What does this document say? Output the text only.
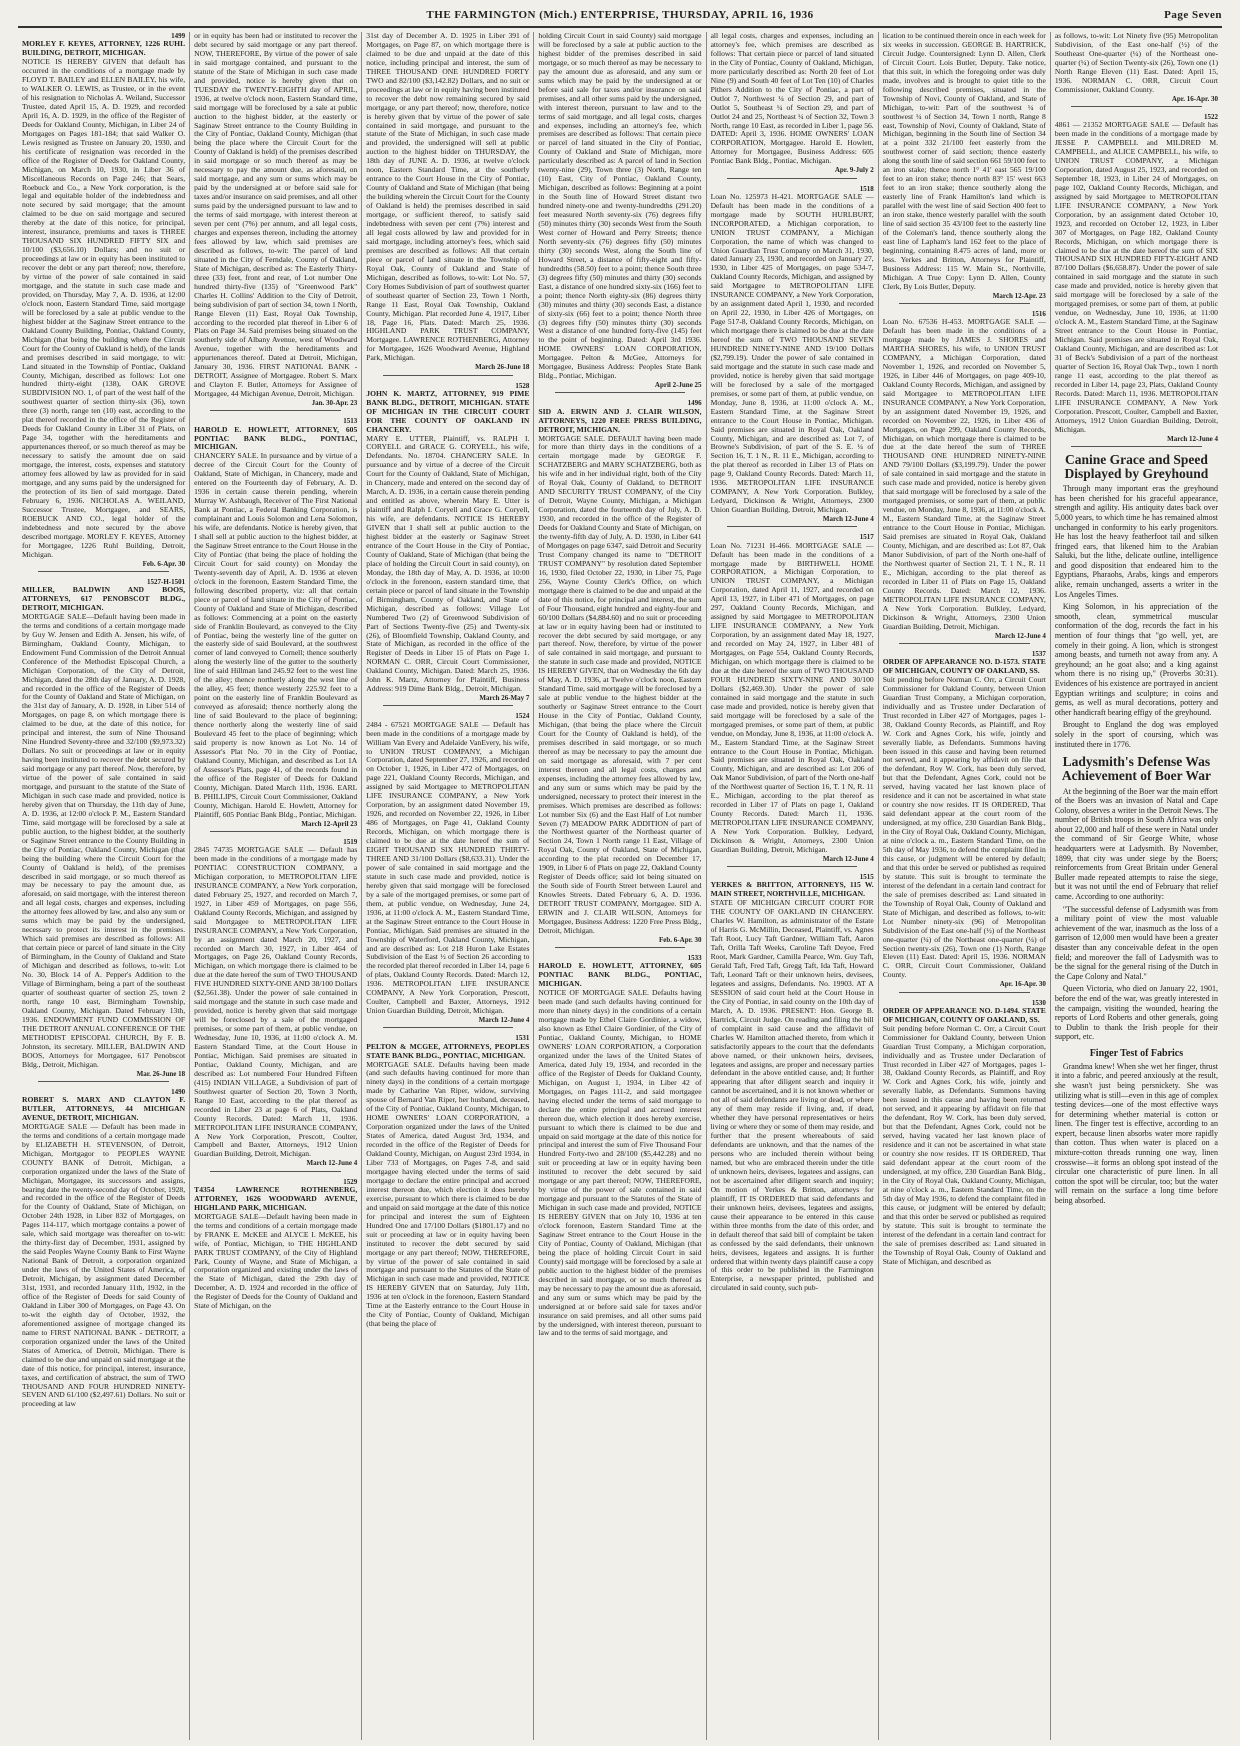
THE FARMINGTON (Mich.) ENTERPRISE, THURSDAY, APRIL 16, 1936	Page Seven
1499
MORLEY F. KEYES, ATTORNEY, 1226 RUHL BUILDING, DETROIT, MICHIGAN.
NOTICE IS HEREBY GIVEN that default has occurred in the conditions of a mortgage made by FLOYD T. BAILEY and ELLEN BAILEY, his wife, to WALKER O. LEWIS, as Trustee, or in the event of his resignation to Nicholas A. Weiland, Successor Trustee, dated April 15, A. D. 1929, and recorded April 16, A. D. 1929, in the office of the Register of Deeds for Oakland County, Michigan, in Liber 24 of Mortgages on Pages 181-184; that said Walker O. Lewis resigned as Trustee on January 20, 1930, and his certificate of resignation was recorded in the office of the Register of Deeds for Oakland County, Michigan, on March 10, 1930, in Liber 36 of Miscellaneous Records on Page 246; that Sears, Roebuck and Co., a New York corporation, is the legal and equitable holder of the indebtedness and note secured by said mortgage; that the amount claimed to be due on said mortgage and secured thereby at the date of this notice, for principal, interest, insurance, premiums and taxes is THREE THOUSAND SIX HUNDRED FIFTY SIX and 10/100 ($3,656.10) Dollars; and no suit or proceedings at law or in equity has been instituted to recover the debt or any part thereof; now, therefore, by virtue of the power of sale contained in said mortgage, and the statute in such case made and provided, on Thursday, May 7, A. D. 1936, at 12:00 o'clock noon, Eastern Standard Time, said mortgage will be foreclosed by a sale at public vendue to the highest bidder at the Saginaw Street entrance to the Oakland County Building, Pontiac, Oakland County, Michigan (that being the building where the Circuit Court for the County of Oakland is held), of the lands and premises described in said mortgage, to wit: Land situated in the Township of Pontiac, Oakland County, Michigan, described as follows: Lot one hundred thirty-eight (138), OAK GROVE SUBDIVISION NO. 1, of part of the west half of the southwest quarter of section thirty-six (36), town three (3) north, range ten (10) east, according to the plat thereof recorded in the office of the Register of Deeds for Oakland County in Liber 31 of Plats, on Page 34, together with the hereditaments and appurtenances thereof, or so much thereof as may be necessary to satisfy the amount due on said mortgage, the interest, costs, expenses and statutory attorney fees allowed by law as provided for in said mortgage, and any sums paid by the undersigned for the protection of its lien of said mortgage. Dated February 6, 1936. NICHOLAS A. WEILAND, Successor Trustee, Mortgagee, and SEARS, ROEBUCK AND CO., legal holder of the indebtedness and note secured by the above described mortgage. MORLEY F. KEYES, Attorney for Mortgagee, 1226 Ruhl Building, Detroit, Michigan.
Feb. 6-Apr. 30
1527-H-1501
MILLER, BALDWIN AND BOOS, ATTORNEYS, 617 PENOBSCOT BLDG., DETROIT, MICHIGAN.
MORTGAGE SALE—Default having been made in the terms and conditions of a certain mortgage made by Guy W. Jensen and Edith A. Jensen, his wife, of Birmingham, Oakland County, Michigan, to Endowment Fund Commission of the Detroit Annual Conference of the Methodist Episcopal Church, a Michigan Corporation, of the City of Detroit, Michigan, dated the 28th day of January, A. D. 1928, and recorded in the office of the Register of Deeds for the County of Oakland and State of Michigan, on the 31st day of January, A. D. 1928, in Liber 514 of Mortgages, on page 8, on which mortgage there is claimed to be due, at the date of this notice, for principal and interest, the sum of Nine Thousand Nine Hundred Seventy-three and 32/100 ($9,973.32) Dollars. No suit or proceedings at law or in equity having been instituted to recover the debt secured by said mortgage or any part thereof. Now, therefore, by virtue of the power of sale contained in said mortgage, and pursuant to the statute of the State of Michigan in such case made and provided, notice is hereby given that on Thursday, the 11th day of June, A. D. 1936, at 12:00 o'clock P. M., Eastern Standard Time, said mortgage will be foreclosed by a sale at public auction, to the highest bidder, at the southerly or Saginaw Street entrance to the County Building in the City of Pontiac, Oakland County, Michigan (that being the building where the Circuit Court for the County of Oakland is held), of the premises described in said mortgage, or so much thereof as may be necessary to pay the amount due, as aforesaid, on said mortgage, with the interest thereon and all legal costs, charges and expenses, including the attorney fees allowed by law, and also any sum or sums which may be paid by the undersigned, necessary to protect its interest in the premises. Which said premises are described as follows: All that certain piece or parcel of land situate in the City of Birmingham, in the County of Oakland and State of Michigan and described as follows, to-wit: Lot No. 30, Block 14 of A. Pepper's Addition to the Village of Birmingham, being a part of the southeast quarter of southeast quarter of section 25, town 2 north, range 10 east, Birmingham Township, Oakland County, Michigan. Dated February 13th, 1936. ENDOWMENT FUND COMMISSION OF THE DETROIT ANNUAL CONFERENCE OF THE METHODIST EPISCOPAL CHURCH, By F. B. Johnston, its secretary. MILLER, BALDWIN AND BOOS, Attorneys for Mortgagee, 617 Penobscot Bldg., Detroit, Michigan.
Mar. 26-June 18
1490
ROBERT S. MARX AND CLAYTON F. BUTLER, ATTORNEYS, 44 MICHIGAN AVENUE, DETROIT, MICHIGAN.
MORTGAGE SALE — Default has been made in the terms and conditions of a certain mortgage made by ELIZABETH H. STEVENSON, of Detroit, Michigan, Mortgagor to PEOPLES WAYNE COUNTY BANK of Detroit, Michigan, a corporation organized under the laws of the State of Michigan, Mortgagee, its successors and assigns, bearing date the twenty-second day of October, 1928, and recorded in the office of the Register of Deeds for the County of Oakland, State of Michigan, on October 24th 1928, in Liber 832 of Mortgages, on Pages 114-117, which mortgage contains a power of sale, which said mortgage was thereafter on to-wit: the thirty-first day of December, 1931, assigned by the said Peoples Wayne County Bank to First Wayne National Bank of Detroit, a corporation organized under the laws of the United States of America, of Detroit, Michigan, by assignment dated December 31st, 1931, and recorded January 11th, 1932, in the office of the Register of Deeds for said County of Oakland in Liber 300 of Mortgages, on Page 43. On to-wit the eighth day of October, 1932, the aforementioned assignee of mortgage changed its name to FIRST NATIONAL BANK - DETROIT, a corporation organized under the laws of the United States of America, of Detroit, Michigan. There is claimed to be due and unpaid on said mortgage at the date of this notice, for principal, interest, insurance, taxes, and certification of abstract, the sum of TWO THOUSAND AND FOUR HUNDRED NINETY-SEVEN AND 61/100 ($2,497.61) Dollars. No suit or proceeding at law
or in equity has been had or instituted to recover the debt secured by said mortgage or any part thereof. NOW, THEREFORE, By virtue of the power of sale in said mortgage contained, and pursuant to the statute of the State of Michigan in such case made and provided, notice is hereby given that on TUESDAY the TWENTY-EIGHTH day of APRIL, 1936, at twelve o'clock noon, Eastern Standard time, said mortgage will be foreclosed by a sale at public auction to the highest bidder, at the easterly or Saginaw Street entrance to the County Building in the City of Pontiac, Oakland County, Michigan (that being the place where the Circuit Court for the County of Oakland is held) of the premises described in said mortgage or so much thereof as may be necessary to pay the amount due, as aforesaid, on said mortgage, and any sum or sums which may be paid by the undersigned at or before said sale for taxes and/or insurance on said premises, and all other sums paid by the undersigned pursuant to law and to the terms of said mortgage, with interest thereon at seven per cent (7%) per annum, and all legal costs, charges and expenses thereon, including the attorney fees allowed by law, which said premises are described as follows, to-wit: The parcel of land situated in the City of Ferndale, County of Oakland, State of Michigan, described as: The Easterly Thirty-three (33) feet, front and rear, of Lot number One hundred thirty-five (135) of "Greenwood Park" Charles H. Collins' Addition to the City of Detroit, being subdivision of part of section 34, town 1 North, Range Eleven (11) East, Royal Oak Township, according to the recorded plat thereof in Liber 6 of Plats on Page 34. Said premises being situated on the southerly side of Albany Avenue, west of Woodward Avenue, together with the hereditaments and appurtenances thereof. Dated at Detroit, Michigan, January 30, 1936. FIRST NATIONAL BANK - DETROIT, Assignee of Mortgagee. Robert S. Marx and Clayton F. Butler, Attorneys for Assignee of Mortgagee, 44 Michigan Avenue, Detroit, Michigan.
Jan. 30-Apr. 23
1513
HAROLD E. HOWLETT, ATTORNEY, 605 PONTIAC BANK BLDG., PONTIAC, MICHIGAN.
CHANCERY SALE. In pursuance and by virtue of a decree of the Circuit Court for the County of Oakland, State of Michigan, in Chancery, made and entered on the Fourteenth day of February, A. D. 1936 in certain cause therein pending, wherein Murray W. Ashbaugh, Receiver of The First National Bank at Pontiac, a Federal Banking Corporation, is complainant and Louis Solomon and Lena Solomon, his wife, are defendants. Notice is hereby given, that I shall sell at public auction to the highest bidder, at the Saginaw Street entrance to the Court House in the City of Pontiac (that being the place of holding the Circuit Court for said county) on Monday the Twenty-seventh day of April, A. D. 1936 at eleven o'clock in the forenoon, Eastern Standard Time, the following described property, viz: all that certain piece or parcel of land situate in the City of Pontiac, County of Oakland and State of Michigan, described as follows: Commencing at a point on the easterly side of Franklin Boulevard, as conveyed to the City of Pontiac, being the westerly line of the gutter on the easterly side of said Boulevard, at the southwest corner of land conveyed to Cornell; thence southerly along the westerly line of the gutter to the southerly line of said Hillman land 245.92 feet to the west line of the alley; thence northerly along the west line of the alley, 45 feet; thence westerly 225.92 feet to a point on the easterly line of Franklin Boulevard as conveyed as aforesaid; thence northerly along the line of said Boulevard to the place of beginning; thence northerly along the westerly line of said Boulevard 45 feet to the place of beginning; which said property is now known as Lot No. 14 of Assessor's Plat No. 70 in the City of Pontiac, Oakland County, Michigan, and described as Lot 1A of Assessor's Plats, page 41, of the records found in the office of the Register of Deeds for Oakland County, Michigan. Dated March 11th, 1936. EARL B. PHILLIPS, Circuit Court Commissioner, Oakland County, Michigan. Harold E. Howlett, Attorney for Plaintiff, 605 Pontiac Bank Bldg., Pontiac, Michigan.
March 12-April 23
1519
2845 74735 MORTGAGE SALE — Default has been made in the conditions of a mortgage made by PONTIAC CONSTRUCTION COMPANY, a Michigan corporation, to METROPOLITAN LIFE INSURANCE COMPANY, a New York corporation, dated February 25, 1927, and recorded on March 7, 1927, in Liber 459 of Mortgages, on page 556, Oakland County Records, Michigan, and assigned by said Mortgagee to METROPOLITAN LIFE INSURANCE COMPANY, a New York Corporation, by an assignment dated March 20, 1927, and recorded on March 30, 1927, in Liber 464 of Mortgages, on Page 26, Oakland County Records, Michigan, on which mortgage there is claimed to be due at the date hereof the sum of TWO THOUSAND FIVE HUNDRED SIXTY-ONE AND 38/100 Dollars ($2,561.38). Under the power of sale contained in said mortgage and the statute in such case made and provided, notice is hereby given that said mortgage will be foreclosed by a sale of the mortgaged premises, or some part of them, at public vendue, on Wednesday, June 10, 1936, at 11:00 o'clock A. M. Eastern Standard Time, at the Court House in Pontiac, Michigan. Said premises are situated in Pontiac, Oakland County, Michigan, and are described as: Lot numbered Four Hundred Fifteen (415) INDIAN VILLAGE, a Subdivision of part of Southwest quarter of Section 20, Town 3 North, Range 10 East, according to the plat thereof as recorded in Liber 23 at page 6 of Plats, Oakland County Records. Dated: March 11, 1936. METROPOLITAN LIFE INSURANCE COMPANY, A New York Corporation, Prescott, Coulter, Campbell and Baxter, Attorneys, 1912 Union Guardian Building, Detroit, Michigan.
March 12-June 4
1529
T4354 LAWRENCE ROTHENBERG, ATTORNEY, 1626 WOODWARD AVENUE, HIGHLAND PARK, MICHIGAN.
MORTGAGE SALE—Default having been made in the terms and conditions of a certain mortgage made by FRANK E. McKEE and ALYCE I. McKEE, his wife, of Pontiac, Michigan, to THE HIGHLAND PARK TRUST COMPANY, of the City of Highland Park, County of Wayne, and State of Michigan, a corporation organized and existing under the laws of the State of Michigan, dated the 29th day of December, A. D. 1924 and recorded in the office of the Register of Deeds for the County of Oakland and State of Michigan, on the
31st day of December A. D. 1925 in Liber 391 of Mortgages, on Page 87, on which mortgage there is claimed to be due and unpaid at the date of this notice, including principal and interest, the sum of THREE THOUSAND ONE HUNDRED FORTY TWO and 82/100 ($3,142.82) Dollars, and no suit or proceedings at law or in equity having been instituted to recover the debt now remaining secured by said mortgage, or any part thereof; now, therefore, notice is hereby given that by virtue of the power of sale contained in said mortgage, and pursuant to the statute of the State of Michigan, in such case made and provided, the undersigned will sell at public auction to the highest bidder on THURSDAY, the 18th day of JUNE A. D. 1936, at twelve o'clock noon, Eastern Standard Time, at the southerly entrance to the Court House in the City of Pontiac, County of Oakland and State of Michigan (that being the building wherein the Circuit Court for the County of Oakland is held) the premises described in said mortgage, or sufficient thereof, to satisfy said indebtedness with seven per cent (7%) interest and all legal costs allowed by law and provided for in said mortgage, including attorney's fees, which said premises are described as follows: All that certain piece or parcel of land situate in the Township of Royal Oak, County of Oakland and State of Michigan, described as follows, to-wit: Lot No. 57, Cory Homes Subdivision of part of southwest quarter of southeast quarter of Section 23, Town 1 North, Range 11 East, Royal Oak Township, Oakland County, Michigan. Plat recorded June 4, 1917, Liber 18, Page 16, Plats. Dated: March 25, 1936. HIGHLAND PARK TRUST COMPANY, Mortgagee. LAWRENCE ROTHENBERG, Attorney for Mortgagee, 1626 Woodward Avenue, Highland Park, Michigan.
March 26-June 18
1528
JOHN K. MARTZ, ATTORNEY, 919 PIME BANK BLDG., DETROIT, MICHIGAN. STATE OF MICHIGAN IN THE CIRCUIT COURT FOR THE COUNTY OF OAKLAND IN CHANCERY.
MARY E. UTTER, Plaintiff, vs. RALPH I. CORYELL and GRACE G. CORYELL, his wife, Defendants. No. 18704. CHANCERY SALE. In pursuance and by virtue of a decree of the Circuit Court for the County of Oakland, State of Michigan, in Chancery, made and entered on the second day of March, A. D. 1936, in a certain cause therein pending and entitled as above, wherein Mary E. Utter is plaintiff and Ralph I. Coryell and Grace G. Coryell, his wife, are defendants. NOTICE IS HEREBY GIVEN that I shall sell at public auction to the highest bidder at the easterly or Saginaw Street entrance of the Court House in the City of Pontiac, County of Oakland, State of Michigan (that being the place of holding the Circuit Court in said county), on Monday, the 18th day of May, A. D. 1936, at 10:00 o'clock in the forenoon, eastern standard time, that certain piece or parcel of land situate in the Township of Birmingham, County of Oakland, and State of Michigan, described as follows: Village Lot Numbered Two (2) of Greenwood Subdivision of Part of Sections Twenty-five (25) and Twenty-six (26), of Bloomfield Township, Oakland County, and State of Michigan, as recorded in the office of the Register of Deeds in Liber 15 of Plats on Page 1. NORMAN C. ORR, Circuit Court Commissioner, Oakland County, Michigan. Dated: March 25, 1936. John K. Martz, Attorney for Plaintiff, Business Address: 919 Dime Bank Bldg., Detroit, Michigan.
March 26-May 7
1524
2484 - 67521 MORTGAGE SALE — Default has been made in the conditions of a mortgage made by William Van Every and Adelaide VanEvery, his wife, to UNION TRUST COMPANY, a Michigan Corporation, dated September 27, 1926, and recorded on October 1, 1926, in Liber 472 of Mortgages, on page 221, Oakland County Records, Michigan, and assigned by said Mortgagee to METROPOLITAN LIFE INSURANCE COMPANY, a New York Corporation, by an assignment dated November 19, 1926, and recorded on November 22, 1926, in Liber 486 of Mortgages, on Page 41, Oakland County Records, Michigan, on which mortgage there is claimed to be due at the date hereof the sum of EIGHT THOUSAND SIX HUNDRED THIRTY-THREE AND 31/100 Dollars ($8,633.31). Under the power of sale contained in said mortgage and the statute in such case made and provided, notice is hereby given that said mortgage will be foreclosed by a sale of the mortgaged premises, or some part of them, at public vendue, on Wednesday, June 24, 1936, at 11:00 o'clock A. M., Eastern Standard Time, at the Saginaw Street entrance to the Court House in Pontiac, Michigan. Said premises are situated in the Township of Waterford, Oakland County, Michigan, and are described as: Lot 218 Huron Lake Estates Subdivision of the East ½ of Section 26 according to the recorded plat thereof recorded in Liber 14, page 6 of plats, Oakland County Records. Dated: March 12, 1936. METROPOLITAN LIFE INSURANCE COMPANY, A New York Corporation, Prescott, Coulter, Campbell and Baxter, Attorneys, 1912 Union Guardian Building, Detroit, Michigan.
March 12-June 4
1531
PELTON & MCGEE, ATTORNEYS, PEOPLES STATE BANK BLDG., PONTIAC, MICHIGAN.
MORTGAGE SALE. Defaults having been made (and such defaults having continued for more than ninety days) in the conditions of a certain mortgage made by Catharine Van Riper, widow, surviving spouse of Bernard Van Riper, her husband, deceased, of the City of Pontiac, Oakland County, Michigan, to HOME OWNERS' LOAN CORPORATION, a Corporation organized under the laws of the United States of America, dated August 3rd, 1934, and recorded in the office of the Register of Deeds for Oakland County, Michigan, on August 23rd 1934, in Liber 733 of Mortgages, on Pages 7-8, and said mortgagee having elected under the terms of said mortgage to declare the entire principal and accrued interest thereon due, which election it does hereby exercise, pursuant to which there is claimed to be due and unpaid on said mortgage at the date of this notice for principal and interest the sum of Eighteen Hundred One and 17/100 Dollars ($1801.17) and no suit or proceeding at law or in equity having been instituted to recover the debt secured by said mortgage or any part thereof; NOW, THEREFORE, by virtue of the power of sale contained in said mortgage and pursuant to the Statutes of the State of Michigan in such case made and provided, NOTICE IS HEREBY GIVEN that on Saturday, July 11th, 1936 at ten o'clock in the forenoon, Eastern Standard Time at the Easterly entrance to the Court House in the City of Pontiac, County of Oakland, Michigan (that being the place of
holding Circuit Court in said County) said mortgage will be foreclosed by a sale at public auction to the highest bidder of the premises described in said mortgage, or so much thereof as may be necessary to pay the amount due as aforesaid, and any sum or sums which may be paid by the undersigned at or before said sale for taxes and/or insurance on said premises, and all other sums paid by the undersigned, with interest thereon, pursuant to law and to the terms of said mortgage, and all legal costs, charges and expenses, including an attorney's fee, which premises are described as follows: That certain piece or parcel of land situated in the City of Pontiac, County of Oakland and State of Michigan, more particularly described as: A parcel of land in Section twenty-nine (29), Town three (3) North, Range ten (10) East, City of Pontiac, Oakland County, Michigan, described as follows: Beginning at a point in the South line of Howard Street distant two hundred ninety-one and twenty-hundredths (291.20) feet measured North seventy-six (76) degrees fifty (50) minutes thirty (30) seconds West from the South West corner of Howard and Perry Streets; thence North seventy-six (76) degrees fifty (50) minutes thirty (30) seconds West, along the South line of Howard Street, a distance of fifty-eight and fifty-hundredths (58.50) feet to a point; thence South three (3) degrees fifty (50) minutes and thirty (30) seconds East, a distance of one hundred sixty-six (166) feet to a point; thence North eighty-six (86) degrees thirty (30) minutes and thirty (30) seconds East, a distance of sixty-six (66) feet to a point; thence North three (3) degrees fifty (50) minutes thirty (30) seconds West a distance of one hundred forty-five (145) feet to the point of beginning. Dated: April 3rd 1936. HOME OWNERS' LOAN CORPORATION, Mortgagee. Pelton & McGee, Attorneys for Mortgagee, Business Address: Peoples State Bank Bldg., Pontiac, Michigan.
April 2-June 25
1496
SID A. ERWIN AND J. CLAIR WILSON, ATTORNEYS, 1220 FREE PRESS BUILDING, DETROIT, MICHIGAN.
MORTGAGE SALE. DEFAULT having been made for more than thirty days in the conditions of a certain mortgage made by GEORGE F. SCHATZBERG and MARY SCHATZBERG, both as his wife and in her individual right, both of the City of Royal Oak, County of Oakland, to DETROIT AND SECURITY TRUST COMPANY, of the City of Detroit, Wayne County, Michigan, a Michigan Corporation, dated the fourteenth day of July, A. D. 1930, and recorded in the office of the Register of Deeds for Oakland County and State of Michigan, on the twenty-fifth day of July, A. D. 1930, in Liber 641 of Mortgages on page 6347, said Detroit and Security Trust Company changed its name to "DETROIT TRUST COMPANY" by resolution dated September 16, 1930, filed October 22, 1930, in Liber 75, Page 256, Wayne County Clerk's Office, on which mortgage there is claimed to be due and unpaid at the date of this notice, for principal and interest, the sum of Four Thousand, eight hundred and eighty-four and 60/100 Dollars ($4,884.60) and no suit or proceeding at law or in equity having been had or instituted to recover the debt secured by said mortgage, or any part thereof. Now, therefore, by virtue of the power of sale contained in said mortgage, and pursuant to the statute in such case made and provided, NOTICE IS HEREBY GIVEN, that on Wednesday the 6th day of May, A. D. 1936, at Twelve o'clock noon, Eastern Standard Time, said mortgage will be foreclosed by a sale at public vendue to the highest bidder at the southerly or Saginaw Street entrance to the Court House in the City of Pontiac, Oakland County, Michigan, (that being the place where the Circuit Court for the County of Oakland is held), of the premises described in said mortgage, or so much thereof as may be necessary to pay the amount due on said mortgage as aforesaid, with 7 per cent interest thereon and all legal costs, charges and expenses, including the attorney fees allowed by law, and any sum or sums which may be paid by the undersigned, necessary to protect their interest in the premises. Which premises are described as follows: Lot number Six (6) and the East Half of Lot number Seven (7) MEADOW PARK ADDITION of part of the Northwest quarter of the Northeast quarter of Section 24, Town 1 North range 11 East, Village of Royal Oak, County of Oakland, State of Michigan, according to the plat recorded on December 17, 1909, in Liber 6 of Plats on page 22, Oakland County Register of Deeds office; said lot being situated on the South side of Fourth Street between Laurel and Knowles Streets. Dated February 6, A. D. 1936. DETROIT TRUST COMPANY, Mortgagee. SID A. ERWIN and J. CLAIR WILSON, Attorneys for Mortgagee, Business Address: 1220 Free Press Bldg., Detroit, Michigan.
Feb. 6-Apr. 30
1533
HAROLD E. HOWLETT, ATTORNEY, 605 PONTIAC BANK BLDG., PONTIAC, MICHIGAN.
NOTICE OF MORTGAGE SALE. Defaults having been made (and such defaults having continued for more than ninety days) in the conditions of a certain mortgage made by Ethel Claire Gordinier, a widow, also known as Ethel Claire Gordinier, of the City of Pontiac, Oakland County, Michigan, to HOME OWNERS' LOAN CORPORATION, a Corporation organized under the laws of the United States of America, dated July 19, 1934, and recorded in the office of the Register of Deeds for Oakland County, Michigan, on August 1, 1934, in Liber 42 of Mortgages, on Pages 111-2, and said mortgagee having elected under the terms of said mortgage to declare the entire principal and accrued interest thereon due, which election it does hereby exercise, pursuant to which there is claimed to be due and unpaid on said mortgage at the date of this notice for principal and interest the sum of Five Thousand Four Hundred Forty-two and 28/100 ($5,442.28) and no suit or proceeding at law or in equity having been instituted to recover the debt secured by said mortgage or any part thereof; NOW, THEREFORE, by virtue of the power of sale contained in said mortgage and pursuant to the Statutes of the State of Michigan in such case made and provided, NOTICE IS HEREBY GIVEN that on July 10, 1936 at ten o'clock forenoon, Eastern Standard Time at the Saginaw Street entrance to the Court House in the City of Pontiac, County of Oakland, Michigan (that being the place of holding Circuit Court in said County) said mortgage will be foreclosed by a sale at public auction to the highest bidder of the premises described in said mortgage, or so much thereof as may be necessary to pay the amount due as aforesaid, and any sum or sums which may be paid by the undersigned at or before said sale for taxes and/or insurance on said premises, and all other sums paid by the undersigned, with interest thereon, pursuant to law and to the terms of said mortgage, and
all legal costs, charges and expenses, including an attorney's fee, which premises are described as follows: That certain piece or parcel of land situated in the City of Pontiac, County of Oakland, Michigan, more particularly described as: North 20 feet of Lot Nine (9) and South 40 feet of Lot Ten (10) of Charles Pithers Addition to the City of Pontiac, a part of Outlot 7, Northwest ¼ of Section 29, and part of Outlot 5, Southeast ¼ of Section 29, and part of Outlot 24 and 25, Northeast ¼ of Section 32, Town 3 North, range 10 East, as recorded in Liber 1, page 56. DATED: April 3, 1936. HOME OWNERS' LOAN CORPORATION, Mortgagee. Harold E. Howlett, Attorney for Mortgagee, Business Address: 605 Pontiac Bank Bldg., Pontiac, Michigan.
Apr. 9-July 2
1518
Loan No. 125973 H-421. MORTGAGE SALE — Default has been made in the conditions of a mortgage made by SOUTH HURLBURT, INCORPORATED, a Michigan corporation, to UNION TRUST COMPANY, a Michigan Corporation, the name of which was changed to Union Guardian Trust Company on March 31, 1930, dated January 23, 1930, and recorded on January 27, 1930, in Liber 425 of Mortgages, on page 534-7, Oakland County Records, Michigan, and assigned by said Mortgagee to METROPOLITAN LIFE INSURANCE COMPANY, a New York Corporation, by an assignment dated April 1, 1930, and recorded on April 22, 1930, in Liber 426 of Mortgages, on Page 517-8, Oakland County Records, Michigan, on which mortgage there is claimed to be due at the date hereof the sum of TWO THOUSAND SEVEN HUNDRED NINETY-NINE AND 19/100 Dollars ($2,799.19). Under the power of sale contained in said mortgage and the statute in such case made and provided, notice is hereby given that said mortgage will be foreclosed by a sale of the mortgaged premises, or some part of them, at public vendue, on Monday, June 8, 1936, at 11:00 o'clock A. M., Eastern Standard Time, at the Saginaw Street entrance to the Court House in Pontiac, Michigan. Said premises are situated in Royal Oak, Oakland County, Michigan, and are described as: Lot 7, of Browne's Subdivision, of part of the S. E. ¼ of Section 16, T. 1 N., R. 11 E., Michigan, according to the plat thereof as recorded in Liber 13 of Plats on page 9, Oakland County Records. Dated: March 11, 1936. METROPOLITAN LIFE INSURANCE COMPANY, A New York Corporation. Bulkley, Ledyard, Dickinson & Wright, Attorneys, 2300 Union Guardian Building, Detroit, Michigan.
March 12-June 4
1517
Loan No. 71231 H-466. MORTGAGE SALE — Default has been made in the conditions of a mortgage made by BIRTHWELL HOME CORPORATION, a Michigan Corporation, to UNION TRUST COMPANY, a Michigan Corporation, dated April 11, 1927, and recorded on April 13, 1927, in Liber 471 of Mortgages, on page 297, Oakland County Records, Michigan, and assigned by said Mortgagee to METROPOLITAN LIFE INSURANCE COMPANY, a New York Corporation, by an assignment dated May 18, 1927, and recorded on May 24, 1927, in Liber 481 of Mortgages, on Page 554, Oakland County Records, Michigan, on which mortgage there is claimed to be due at the date hereof the sum of TWO THOUSAND FOUR HUNDRED SIXTY-NINE AND 30/100 Dollars ($2,469.30). Under the power of sale contained in said mortgage and the statute in such case made and provided, notice is hereby given that said mortgage will be foreclosed by a sale of the mortgaged premises, or some part of them, at public vendue, on Monday, June 8, 1936, at 11:00 o'clock A. M., Eastern Standard Time, at the Saginaw Street entrance to the Court House in Pontiac, Michigan. Said premises are situated in Royal Oak, Oakland County, Michigan, and are described as: Lot 206 of Oak Manor Subdivision, of part of the North one-half of the Northwest quarter of Section 16, T. 1 N, R. 11 E., Michigan, according to the plat thereof as recorded in Liber 17 of Plats on page 1, Oakland County Records. Dated: March 11, 1936. METROPOLITAN LIFE INSURANCE COMPANY, A New York Corporation. Bulkley, Ledyard, Dickinson & Wright, Attorneys, 2300 Union Guardian Building, Detroit, Michigan.
March 12-June 4
1515
YERKES & BRITTON, ATTORNEYS, 115 W. MAIN STREET, NORTHVILLE, MICHIGAN.
STATE OF MICHIGAN CIRCUIT COURT FOR THE COUNTY OF OAKLAND IN CHANCERY. Charles W. Hamilton, as administrator of the Estate of Harris G. McMillin, Deceased, Plaintiff, vs. Agnes Taft Root, Lucy Taft Gardner, William Taft, Aaron Taft, Orilla Taft Weeks, Caroline Taft Deyoe, Fred Root, Mark Gardner, Camilla Pearce, Wm. Guy Taft, Gerald Taft, Fred Taft, Gregg Taft, Ida Taft, Howard Taft, Leonard Taft or their unknown heirs, devisees, legatees and assigns, Defendants. No. 19903. AT A SESSION of said court held at the Court House in the City of Pontiac, in said county on the 10th day of March, A. D. 1936. PRESENT: Hon. George B. Hartrick, Circuit Judge. On reading and filing the bill of complaint in said cause and the affidavit of Charles W. Hamilton attached thereto, from which it satisfactorily appears to the court that the defendants above named, or their unknown heirs, devisees, legatees and assigns, are proper and necessary parties defendant in the above entitled cause, and; It further appearing that after diligent search and inquiry it cannot be ascertained, and it is not known whether or not all of said defendants are living or dead, or where any of them may reside if living, and, if dead, whether they have personal representatives or heirs living or where they or some of them may reside, and further that the present whereabouts of said defendants are unknown, and that the names of the persons who are included therein without being named, but who are embraced therein under the title of unknown heirs, devisees, legatees and assigns, can not be ascertained after diligent search and inquiry; On motion of Yerkes & Britton, attorneys for plaintiff, IT IS ORDERED that said defendants and their unknown heirs, devisees, legatees and assigns, cause their appearance to be entered in this cause within three months from the date of this order, and in default thereof that said bill of complaint be taken as confessed by the said defendants, their unknown heirs, devisees, legatees and assigns. It is further ordered that within twenty days plaintiff cause a copy of this order to be published in the Farmington Enterprise, a newspaper printed, published and circulated in said county, such pub-
lication to be continued therein once in each week for six weeks in succession. GEORGE B. HARTRICK, Circuit Judge. Countersigned: Lynn D. Allen, Clerk of Circuit Court. Lois Butler, Deputy. Take notice, that this suit, in which the foregoing order was duly made, involves and is brought to quiet title to the following described premises, situated in the Township of Novi, County of Oakland, and State of Michigan, to-wit: Part of the southwest ¼ of southwest ¼ of Section 34, Town 1 north, Range 8 east, Township of Novi, County of Oakland, State of Michigan, beginning in the South line of Section 34 at a point 332 21/100 feet easterly from the southwest corner of said section; thence easterly along the south line of said section 661 59/100 feet to an iron stake; thence north 1° 41' east 565 19/100 feet to an iron stake; thence north 83° 15' west 663 feet to an iron stake; thence southerly along the easterly line of Frank Hamilton's land which is parallel with the west line of said Section 400 feet to an iron stake, thence westerly parallel with the south line of said section 35 43/100 feet to the easterly line of the Coleman's land, thence southerly along the east line of Lapham's land 162 feet to the place of beginning, containing 8.475 acres of land, more or less. Yerkes and Britton, Attorneys for Plaintiff, Business Address: 115 W. Main St., Northville, Michigan. A True Copy: Lynn D. Allen, County Clerk, By Lois Butler, Deputy.
March 12-Apr. 23
1516
Loan No. 67536 H-453. MORTGAGE SALE — Default has been made in the conditions of a mortgage made by JAMES J. SHORES and MARTHA SHORES, his wife, to UNION TRUST COMPANY, a Michigan Corporation, dated November 1, 1926, and recorded on November 5, 1926, in Liber 446 of Mortgages, on page 409-10, Oakland County Records, Michigan, and assigned by said Mortgagee to METROPOLITAN LIFE INSURANCE COMPANY, a New York Corporation, by an assignment dated November 19, 1926, and recorded on November 22, 1926, in Liber 436 of Mortgages, on Page 299, Oakland County Records, Michigan, on which mortgage there is claimed to be due at the date hereof the sum of THREE THOUSAND ONE HUNDRED NINETY-NINE AND 79/100 Dollars ($3,199.79). Under the power of sale contained in said mortgage and the statute in such case made and provided, notice is hereby given that said mortgage will be foreclosed by a sale of the mortgaged premises, or some part of them, at public vendue, on Monday, June 8, 1936, at 11:00 o'clock A. M., Eastern Standard Time, at the Saginaw Street entrance to the Court House in Pontiac, Michigan. Said premises are situated in Royal Oak, Oakland County, Michigan, and are described as: Lot 87, Oak Manor Subdivision, of part of the North one-half of the Northwest quarter of Section 21, T. 1 N., R. 11 E., Michigan, according to the plat thereof as recorded in Liber 11 of Plats on Page 15, Oakland County Records. Dated: March 12, 1936. METROPOLITAN LIFE INSURANCE COMPANY, A New York Corporation. Bulkley, Ledyard, Dickinson & Wright, Attorneys, 2300 Union Guardian Building, Detroit, Michigan.
March 12-June 4
1537
ORDER OF APPEARANCE NO. D-1573. STATE OF MICHIGAN, COUNTY OF OAKLAND, SS.
Suit pending before Norman C. Orr, a Circuit Court Commissioner for Oakland County, between Union Guardian Trust Company, a Michigan corporation, individually and as Trustee under Declaration of Trust recorded in Liber 427 of Mortgages, pages 1-38, Oakland County Records, as Plaintiff, and Roy W. Cork and Agnes Cork, his wife, jointly and severally liable, as Defendants. Summons having been issued in this cause and having been returned not served, and it appearing by affidavit on file that the defendant, Roy W. Cork, has been duly served, but that the Defendant, Agnes Cork, could not be served, having vacated her last known place of residence and it can not be ascertained in what state or country she now resides. IT IS ORDERED, That said defendant appear at the court room of the undersigned, at my office, 230 Guardian Bank Bldg., in the City of Royal Oak, Oakland County, Michigan, at nine o'clock a. m., Eastern Standard Time, on the 5th day of May 1936, to defend the complaint filed in this cause, or judgment will be entered by default; and that this order be served or published as required by statute. This suit is brought to terminate the interest of the defendant in a certain land contract for the sale of premises described as: Land situated in the Township of Royal Oak, County of Oakland and State of Michigan, and described as follows, to-wit: Lot Number ninety-six (96) of Metropolitan Subdivision of the East one-half (½) of the Northeast one-quarter (¼) of the Northeast one-quarter (¼) of Section twenty-six (26), Town one (1) North, Range Eleven (11) East. Dated: April 15, 1936. NORMAN C. ORR, Circuit Court Commissioner, Oakland County.
Apr. 16-Apr. 30
1530
ORDER OF APPEARANCE NO. D-1494. STATE OF MICHIGAN, COUNTY OF OAKLAND, SS.
Suit pending before Norman C. Orr, a Circuit Court Commissioner for Oakland County, between Union Guardian Trust Company, a Michigan corporation, individually and as Trustee under Declaration of Trust recorded in Liber 427 of Mortgages, pages 1-38, Oakland County Records, as Plaintiff, and Roy W. Cork and Agnes Cork, his wife, jointly and severally liable, as Defendants. Summons having been issued in this cause and having been returned not served, and it appearing by affidavit on file that the defendant, Roy W. Cork, has been duly served, but that the Defendant, Agnes Cork, could not be served, having vacated her last known place of residence and it can not be ascertained in what state or country she now resides. IT IS ORDERED, That said defendant appear at the court room of the undersigned, at my office, 230 Guardian Bank Bldg., in the City of Royal Oak, Oakland County, Michigan, at nine o'clock a. m., Eastern Standard Time, on the 5th day of May 1936, to defend the complaint filed in this cause, or judgment will be entered by default; and that this order be served or published as required by statute. This suit is brought to terminate the interest of the defendant in a certain land contract for the sale of premises described as: Land situated in the Township of Royal Oak, County of Oakland and State of Michigan, and described as
as follows, to-wit: Lot Ninety five (95) Metropolitan Subdivision, of the East one-half (½) of the Southeast One-quarter (¼) of the Northeast one-quarter (¼) of Section Twenty-six (26), Town one (1) North Range Eleven (11) East. Dated: April 15, 1936. NORMAN C. ORR, Circuit Court Commissioner, Oakland County.
Apr. 16-Apr. 30
1522
4861 — 21352 MORTGAGE SALE — Default has been made in the conditions of a mortgage made by JESSE P. CAMPBELL and MILDRED M. CAMPBELL, and ALICE CAMPBELL, his wife, to UNION TRUST COMPANY, a Michigan Corporation, dated August 25, 1923, and recorded on September 18, 1923, in Liber 24 of Mortgages, on page 102, Oakland County Records, Michigan, and assigned by said Mortgagee to METROPOLITAN LIFE INSURANCE COMPANY, a New York Corporation, by an assignment dated October 10, 1923, and recorded on October 12, 1923, in Liber 307 of Mortgages, on Page 182, Oakland County Records, Michigan, on which mortgage there is claimed to be due at the date hereof the sum of SIX THOUSAND SIX HUNDRED FIFTY-EIGHT AND 87/100 Dollars ($6,658.87). Under the power of sale contained in said mortgage and the statute in such case made and provided, notice is hereby given that said mortgage will be foreclosed by a sale of the mortgaged premises, or some part of them, at public vendue, on Wednesday, June 10, 1936, at 11:00 o'clock A. M., Eastern Standard Time, at the Saginaw Street entrance to the Court House in Pontiac, Michigan. Said premises are situated in Royal Oak, Oakland County, Michigan, and are described as: Lot 31 of Beck's Subdivision of a part of the northeast quarter of Section 16, Royal Oak Twp., town 1 north range 11 east, according to the plat thereof as recorded in Liber 14, page 23, Plats, Oakland County Records. Dated: March 11, 1936. METROPOLITAN LIFE INSURANCE COMPANY, A New York Corporation. Prescott, Coulter, Campbell and Baxter, Attorneys, 1912 Union Guardian Building, Detroit, Michigan.
March 12-June 4
Canine Grace and Speed Displayed by Greyhound

Through many important eras the greyhound has been cherished for his graceful appearance, strength and agility. His antiquity dates back over 5,000 years, to which time he has remained almost unchanged in conformity to his early progenitors. He has lost the heavy featherfoot tail and silken fringed ears, that likened him to the Arabian Saluki, but the lithe, delicate outline, intelligence and good disposition that endeared him to the Egyptians, Pharaohs, Arabs, kings and emperors alike, remain unchanged, asserts a writer in the Los Angeles Times.

King Solomon, in his appreciation of the smooth, clean, symmetrical muscular conformation of the dog, records the fact in his mention of four things that "go well, yet, are comely in their going. A lion, which is strongest among beasts, and turneth not away from any. A greyhound; an he goat also; and a king against whom there is no rising up," (Proverbs 30:31). Evidences of his existence are portrayed in ancient Egyptian writings and sculpture; in coins and gems, as well as mural decorations, pottery and other handicraft bearing effigy of the greyhound.

Brought to England the dog was employed solely in the sport of coursing, which was instituted there in 1776.

Ladysmith's Defense Was Achievement of Boer War

At the beginning of the Boer war the main effort of the Boers was an invasion of Natal and Cape Colony, observes a writer in the Detroit News. The number of British troops in South Africa was only about 22,000 and half of these were in Natal under the command of Sir George White, whose headquarters were at Ladysmith. By November, 1899, that city was under siege by the Boers; reinforcements from Great Britain under General Buller made repeated attempts to raise the siege, but it was not until the end of February that relief came. According to one authority:

"The successful defense of Ladysmith was from a military point of view the most valuable achievement of the war, inasmuch as the loss of a garrison of 12,000 men would have been a greater disaster than any conceivable defeat in the open field; and moreover the fall of Ladysmith was to be the signal for the general rising of the Dutch in the Cape Colony and Natal."

Queen Victoria, who died on January 22, 1901, before the end of the war, was greatly interested in the campaign, visiting the wounded, hearing the reports of Lord Roberts and other generals, going to Dublin to thank the Irish people for their support, etc.

Finger Test of Fabrics

Grandma knew! When she wet her finger, thrust it into a fabric, and peered anxiously at the result, she wasn't just being persnickety. She was utilizing what is still—even in this age of complex testing devices—one of the most effective ways for determining whether material is cotton or linen. The finger test is effective, according to an expert, because linen absorbs water more rapidly than cotton. Thus when water is placed on a mixture-cotton threads running one way, linen crosswise—it forms an oblong spot instead of the circular one characteristic of pure linen. In all cotton the spot will be circular, too; but the water will remain on the surface a long time before being absorbed.
